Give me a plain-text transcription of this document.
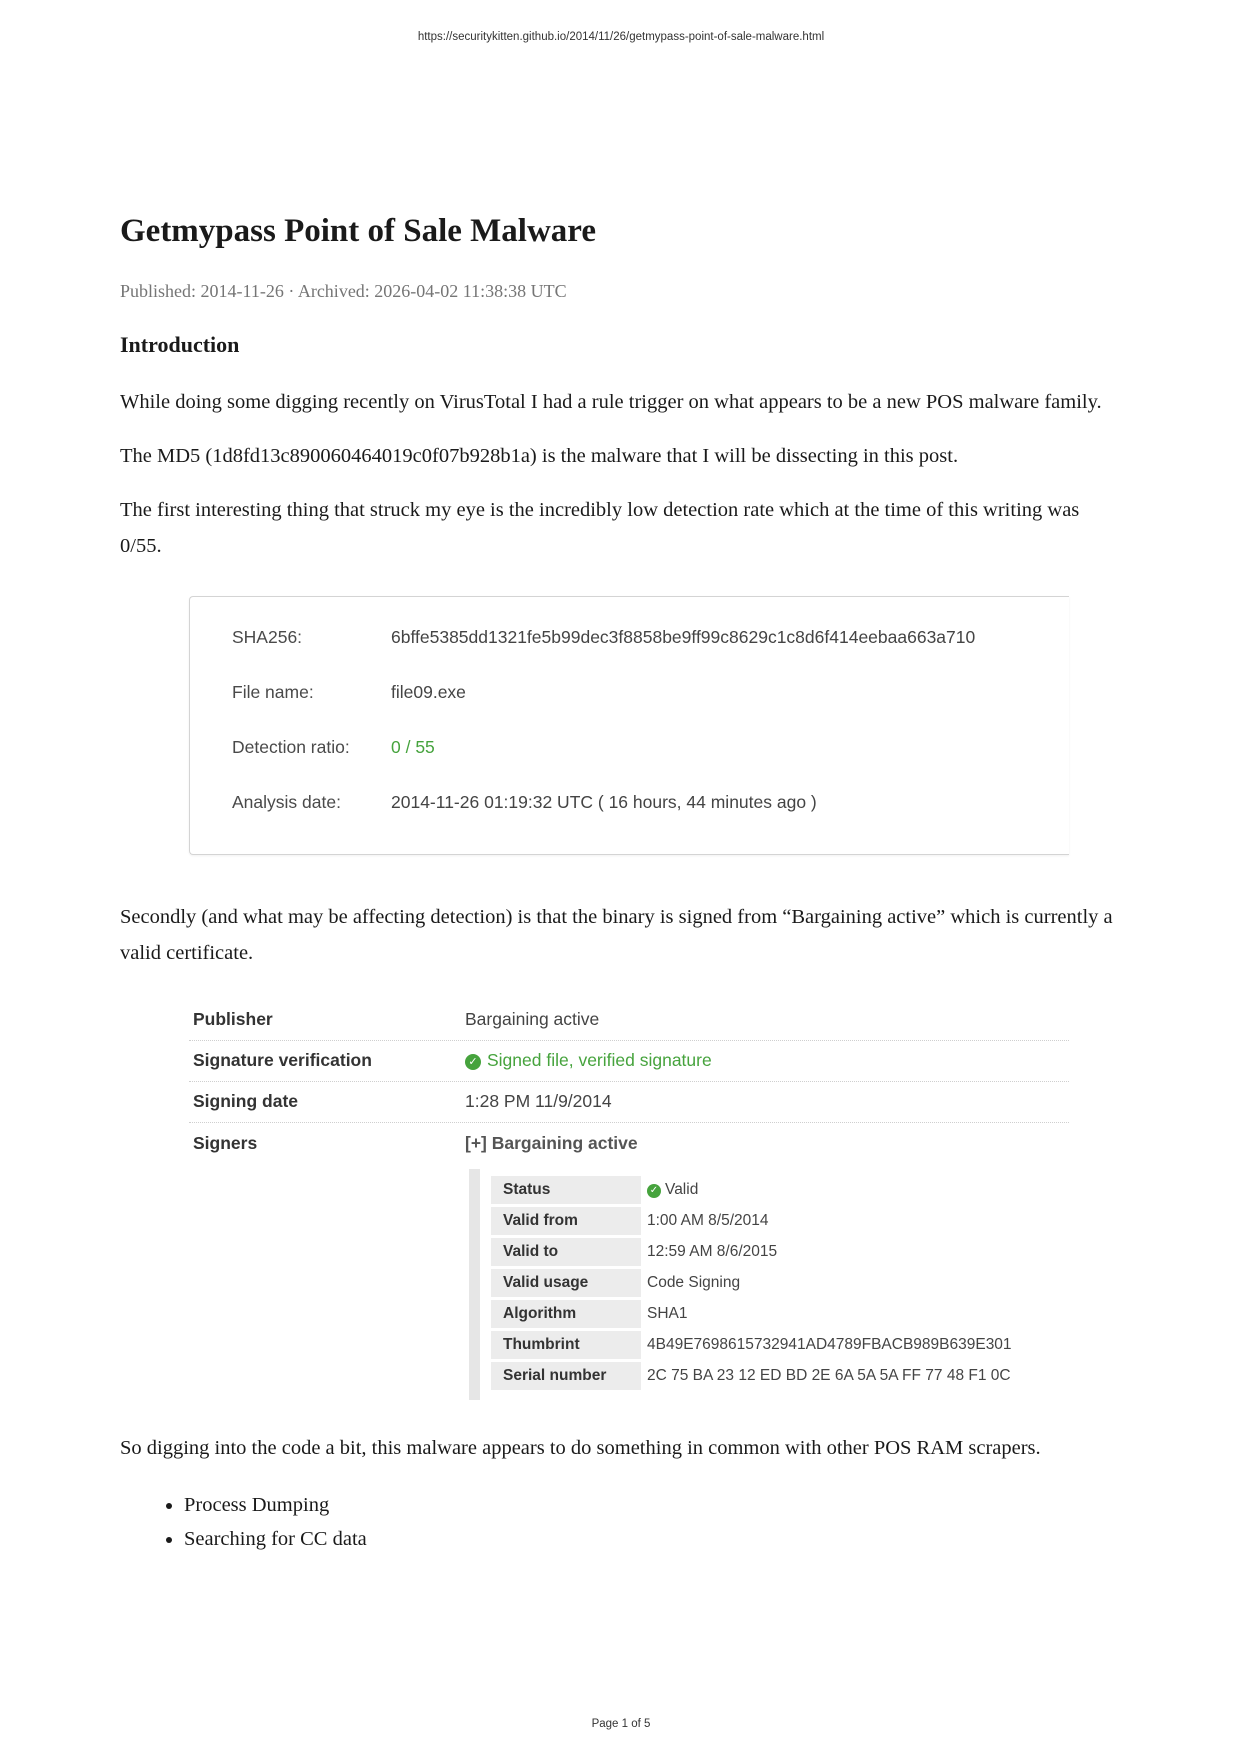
https://securitykitten.github.io/2014/11/26/getmypass-point-of-sale-malware.html
Getmypass Point of Sale Malware
Published: 2014-11-26 · Archived: 2026-04-02 11:38:38 UTC
Introduction

While doing some digging recently on VirusTotal I had a rule trigger on what appears to be a new POS malware family.

The MD5 (1d8fd13c890060464019c0f07b928b1a) is the malware that I will be dissecting in this post.

The first interesting thing that struck my eye is the incredibly low detection rate which at the time of this writing was 0/55.

SHA256:	6bffe5385dd1321fe5b99dec3f8858be9ff99c8629c1c8d6f414eebaa663a710
File name:	file09.exe
Detection ratio:	0 / 55
Analysis date:	2014-11-26 01:19:32 UTC ( 16 hours, 44 minutes ago )

Secondly (and what may be affecting detection) is that the binary is signed from “Bargaining active” which is currently a valid certificate.

Publisher	Bargaining active
Signature verification	✓ Signed file, verified signature
Signing date	1:28 PM 11/9/2014
Signers	[+] Bargaining active
Status	✓ Valid
Valid from	1:00 AM 8/5/2014
Valid to	12:59 AM 8/6/2015
Valid usage	Code Signing
Algorithm	SHA1
Thumbrint	4B49E7698615732941AD4789FBACB989B639E301
Serial number	2C 75 BA 23 12 ED BD 2E 6A 5A 5A FF 77 48 F1 0C

So digging into the code a bit, this malware appears to do something in common with other POS RAM scrapers.

• Process Dumping
• Searching for CC data
Page 1 of 5
